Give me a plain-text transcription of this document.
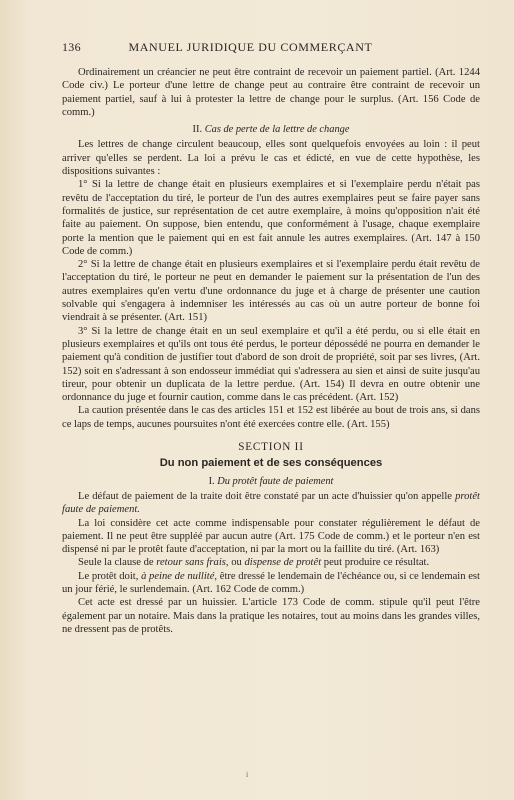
136	MANUEL JURIDIQUE DU COMMERÇANT

Ordinairement un créancier ne peut être contraint de recevoir un paiement partiel. (Art. 1244 Code civ.) Le porteur d'une lettre de change peut au contraire être contraint de recevoir un paiement partiel, sauf à lui à protester la lettre de change pour le surplus. (Art. 156 Code de comm.)

II. Cas de perte de la lettre de change

Les lettres de change circulent beaucoup, elles sont quelquefois envoyées au loin : il peut arriver qu'elles se perdent. La loi a prévu le cas et édicté, en vue de cette hypothèse, les dispositions suivantes :

1° Si la lettre de change était en plusieurs exemplaires et si l'exemplaire perdu n'était pas revêtu de l'acceptation du tiré, le porteur de l'un des autres exemplaires peut se faire payer sans formalités de justice, sur représentation de cet autre exemplaire, à moins qu'opposition n'ait été faite au paiement. On suppose, bien entendu, que conformément à l'usage, chaque exemplaire porte la mention que le paiement qui en est fait annule les autres exemplaires. (Art. 147 à 150 Code de comm.)

2° Si la lettre de change était en plusieurs exemplaires et si l'exemplaire perdu était revêtu de l'acceptation du tiré, le porteur ne peut en demander le paiement sur la présentation de l'un des autres exemplaires qu'en vertu d'une ordonnance du juge et à charge de présenter une caution solvable qui s'engagera à indemniser les intéressés au cas où un autre porteur de bonne foi viendrait à se présenter. (Art. 151)

3° Si la lettre de change était en un seul exemplaire et qu'il a été perdu, ou si elle était en plusieurs exemplaires et qu'ils ont tous été perdus, le porteur dépossédé ne pourra en demander le paiement qu'à condition de justifier tout d'abord de son droit de propriété, soit par ses livres, (Art. 152) soit en s'adressant à son endosseur immédiat qui s'adressera au sien et ainsi de suite jusqu'au tireur, pour obtenir un duplicata de la lettre perdue. (Art. 154) Il devra en outre obtenir une ordonnance du juge et fournir caution, comme dans le cas précédent. (Art. 152)

La caution présentée dans le cas des articles 151 et 152 est libérée au bout de trois ans, si dans ce laps de temps, aucunes poursuites n'ont été exercées contre elle. (Art. 155)

SECTION II
Du non paiement et de ses conséquences
I. Du protêt faute de paiement

Le défaut de paiement de la traite doit être constaté par un acte d'huissier qu'on appelle protêt faute de paiement.

La loi considère cet acte comme indispensable pour constater régulièrement le défaut de paiement. Il ne peut être suppléé par aucun autre (Art. 175 Code de comm.) et le porteur n'en est dispensé ni par le protêt faute d'acceptation, ni par la mort ou la faillite du tiré. (Art. 163)

Seule la clause de retour sans frais, ou dispense de protêt peut produire ce résultat.

Le protêt doit, à peine de nullité, être dressé le lendemain de l'échéance ou, si ce lendemain est un jour férié, le surlendemain. (Art. 162 Code de comm.)

Cet acte est dressé par un huissier. L'article 173 Code de comm. stipule qu'il peut l'être également par un notaire. Mais dans la pratique les notaires, tout au moins dans les grandes villes, ne dressent pas de protêts.

i
